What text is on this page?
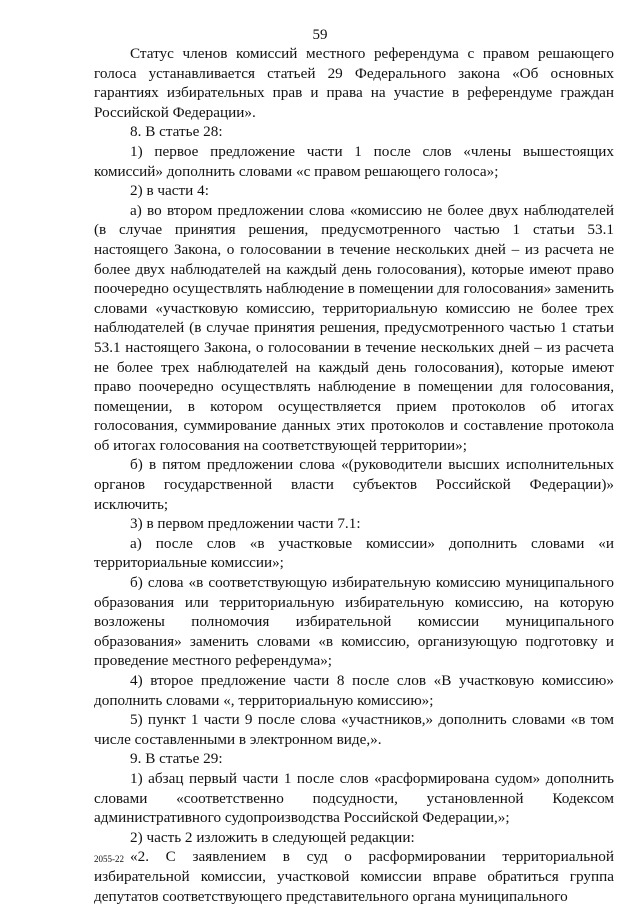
59

Статус членов комиссий местного референдума с правом решающего голоса устанавливается статьей 29 Федерального закона «Об основных гарантиях избирательных прав и права на участие в референдуме граждан Российской Федерации».

8. В статье 28:

1) первое предложение части 1 после слов «члены вышестоящих комиссий» дополнить словами «с правом решающего голоса»;

2) в части 4:

а) во втором предложении слова «комиссию не более двух наблюдателей (в случае принятия решения, предусмотренного частью 1 статьи 53.1 настоящего Закона, о голосовании в течение нескольких дней – из расчета не более двух наблюдателей на каждый день голосования), которые имеют право поочередно осуществлять наблюдение в помещении для голосования» заменить словами «участковую комиссию, территориальную комиссию не более трех наблюдателей (в случае принятия решения, предусмотренного частью 1 статьи 53.1 настоящего Закона, о голосовании в течение нескольких дней – из расчета не более трех наблюдателей на каждый день голосования), которые имеют право поочередно осуществлять наблюдение в помещении для голосования, помещении, в котором осуществляется прием протоколов об итогах голосования, суммирование данных этих протоколов и составление протокола об итогах голосования на соответствующей территории»;

б) в пятом предложении слова «(руководители высших исполнительных органов государственной власти субъектов Российской Федерации)» исключить;

3) в первом предложении части 7.1:

а) после слов «в участковые комиссии» дополнить словами «и территориальные комиссии»;

б) слова «в соответствующую избирательную комиссию муниципального образования или территориальную избирательную комиссию, на которую возложены полномочия избирательной комиссии муниципального образования» заменить словами «в комиссию, организующую подготовку и проведение местного референдума»;

4) второе предложение части 8 после слов «В участковую комиссию» дополнить словами «, территориальную комиссию»;

5) пункт 1 части 9 после слова «участников,» дополнить словами «в том числе составленными в электронном виде,».

9. В статье 29:

1) абзац первый части 1 после слов «расформирована судом» дополнить словами «соответственно подсудности, установленной Кодексом административного судопроизводства Российской Федерации,»;

2) часть 2 изложить в следующей редакции:

«2. С заявлением в суд о расформировании территориальной избирательной комиссии, участковой комиссии вправе обратиться группа депутатов соответствующего представительного органа муниципального

2055-22
